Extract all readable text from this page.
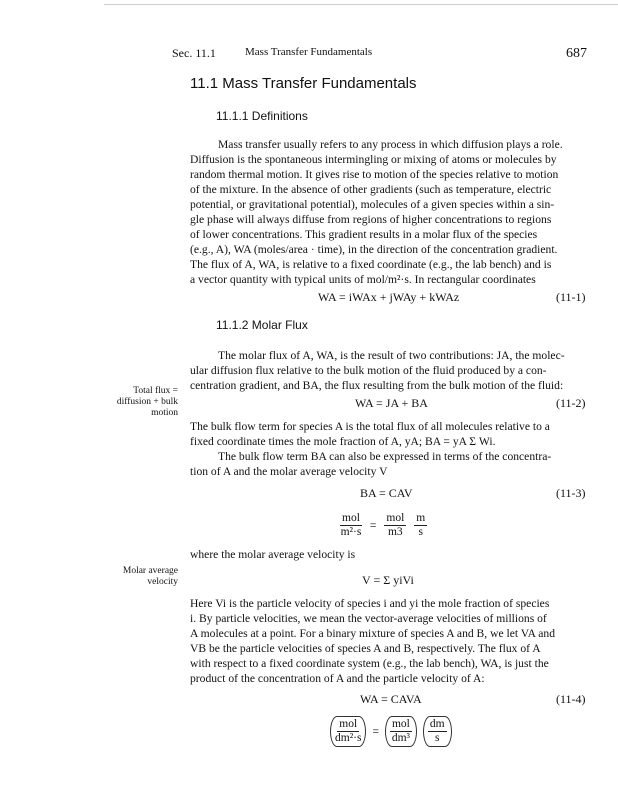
Sec. 11.1	Mass Transfer Fundamentals	687
11.1 Mass Transfer Fundamentals
11.1.1 Definitions
Mass transfer usually refers to any process in which diffusion plays a role.
Diffusion is the spontaneous intermingling or mixing of atoms or molecules by
random thermal motion. It gives rise to motion of the species relative to motion
of the mixture. In the absence of other gradients (such as temperature, electric
potential, or gravitational potential), molecules of a given species within a sin-
gle phase will always diffuse from regions of higher concentrations to regions
of lower concentrations. This gradient results in a molar flux of the species
(e.g., A), WA (moles/area · time), in the direction of the concentration gradient.
The flux of A, WA, is relative to a fixed coordinate (e.g., the lab bench) and is
a vector quantity with typical units of mol/m²·s. In rectangular coordinates
WA = iWAx + jWAy + kWAz	(11-1)
11.1.2 Molar Flux
The molar flux of A, WA, is the result of two contributions: JA, the molec-
ular diffusion flux relative to the bulk motion of the fluid produced by a con-
centration gradient, and BA, the flux resulting from the bulk motion of the fluid:
Total flux =
diffusion + bulk
motion
WA = JA + BA	(11-2)
The bulk flow term for species A is the total flux of all molecules relative to a
fixed coordinate times the mole fraction of A, yA; BA = yA Σ Wi.
The bulk flow term BA can also be expressed in terms of the concentra-
tion of A and the molar average velocity V
BA = CAV	(11-3)
$\frac{\text{mol}}{\text{m²·s}} = \frac{\text{mol}}{m3} \frac{m}{s}$
where the molar average velocity is
Molar average
velocity	V = Σ yiVi
Here Vi is the particle velocity of species i and yi the mole fraction of species
i. By particle velocities, we mean the vector-average velocities of millions of
A molecules at a point. For a binary mixture of species A and B, we let VA and
VB be the particle velocities of species A and B, respectively. The flux of A
with respect to a fixed coordinate system (e.g., the lab bench), WA, is just the
product of the concentration of A and the particle velocity of A:
WA = CAVA	(11-4)
$\frac{\text{mol}}{\text{dm²·s}} = \frac{\text{mol}}{\text{dm³}} \frac{dm}{s}$
